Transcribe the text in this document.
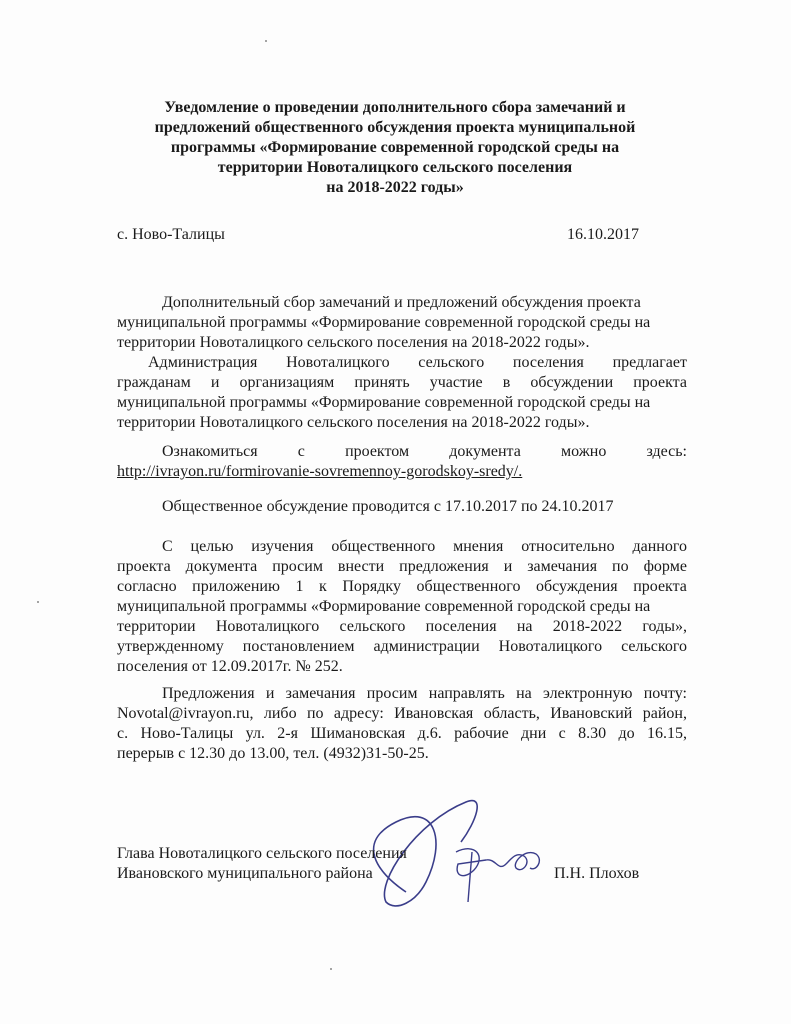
Уведомление о проведении дополнительного сбора замечаний и
предложений общественного обсуждения проекта муниципальной
программы «Формирование современной городской среды на
территории Новоталицкого сельского поселения
на 2018-2022 годы»
с. Ново-Талицы	16.10.2017
Дополнительный сбор замечаний и предложений обсуждения проекта
муниципальной программы «Формирование современной городской среды на
территории Новоталицкого сельского поселения на 2018-2022 годы».
Администрация Новоталицкого сельского поселения предлагает
гражданам и организациям принять участие в обсуждении проекта
муниципальной программы «Формирование современной городской среды на
территории Новоталицкого сельского поселения на 2018-2022 годы».
Ознакомиться	с	проектом	документа	можно	здесь:
http://ivrayon.ru/formirovanie-sovremennoy-gorodskoy-sredy/.
Общественное обсуждение проводится с 17.10.2017 по 24.10.2017
С целью изучения общественного мнения относительно данного
проекта документа просим внести предложения и замечания по форме
согласно приложению 1 к Порядку общественного обсуждения проекта
муниципальной программы «Формирование современной городской среды на
территории Новоталицкого сельского поселения на 2018-2022 годы»,
утвержденному постановлением администрации Новоталицкого сельского
поселения от 12.09.2017г. № 252.
Предложения и замечания просим направлять на электронную почту:
Novotal@ivrayon.ru, либо по адресу: Ивановская область, Ивановский район,
с. Ново-Талицы ул. 2-я Шимановская д.6. рабочие дни с 8.30 до 16.15,
перерыв с 12.30 до 13.00, тел. (4932)31-50-25.
Глава Новоталицкого сельского поселения
Ивановского муниципального района	П.Н. Плохов
